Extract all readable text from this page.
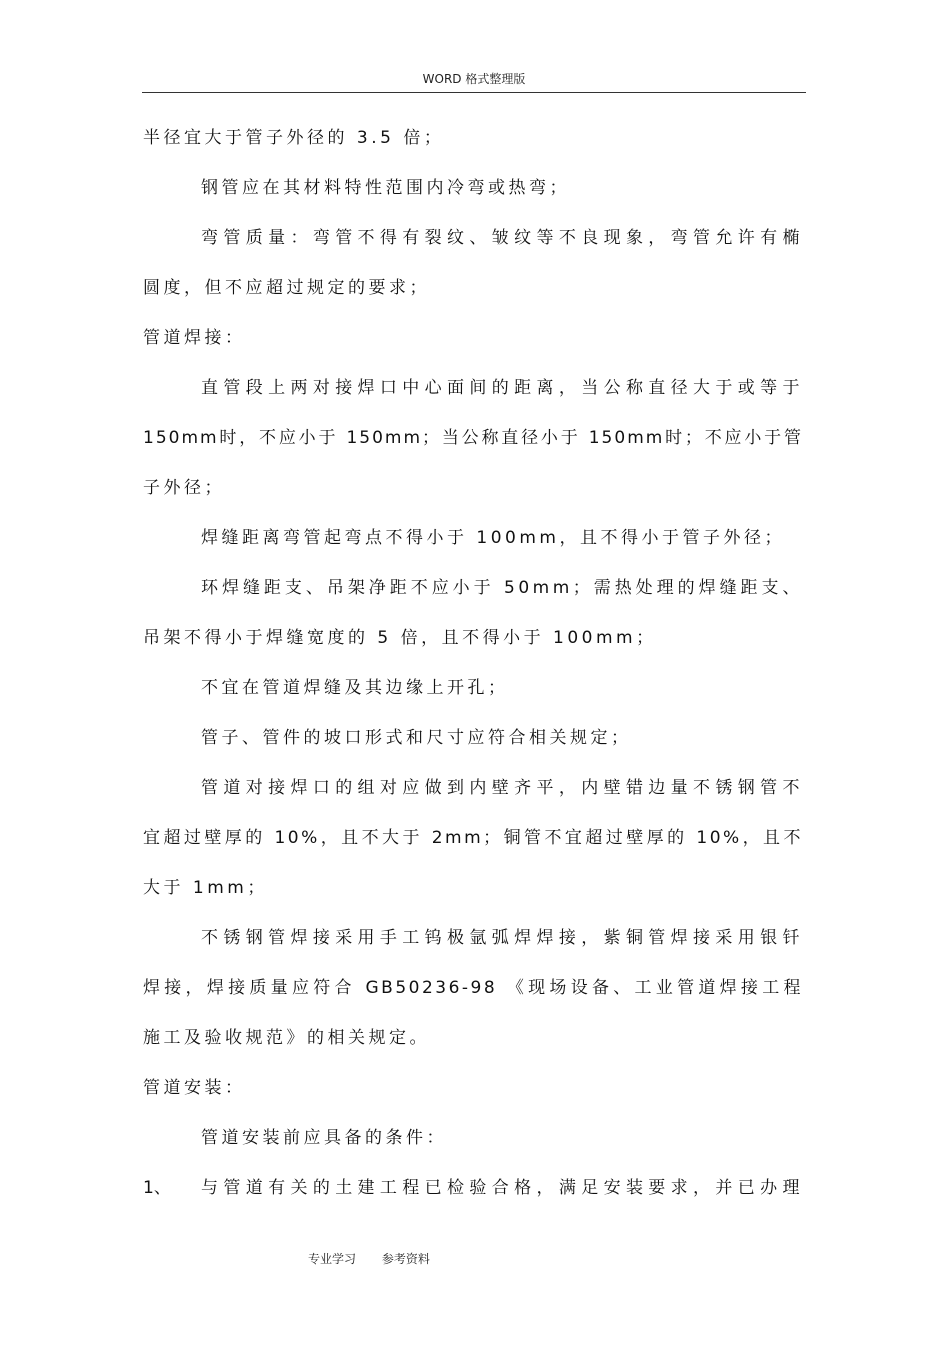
WORD 格式整理版
半径宜大于管子外径的 3.5 倍；
钢管应在其材料特性范围内冷弯或热弯；
弯管质量：弯管不得有裂纹、皱纹等不良现象，弯管允许有椭
圆度，但不应超过规定的要求；
管道焊接：
直管段上两对接焊口中心面间的距离，当公称直径大于或等于
150mm时，不应小于 150mm；当公称直径小于 150mm时；不应小于管
子外径；
焊缝距离弯管起弯点不得小于 100mm，且不得小于管子外径；
环焊缝距支、吊架净距不应小于 50mm；需热处理的焊缝距支、
吊架不得小于焊缝宽度的 5 倍，且不得小于 100mm；
不宜在管道焊缝及其边缘上开孔；
管子、管件的坡口形式和尺寸应符合相关规定；
管道对接焊口的组对应做到内壁齐平，内壁错边量不锈钢管不
宜超过壁厚的 10%，且不大于 2mm；铜管不宜超过壁厚的 10%，且不
大于 1mm；
不锈钢管焊接采用手工钨极氩弧焊焊接，紫铜管焊接采用银钎
焊接，焊接质量应符合 GB50236-98 《现场设备、工业管道焊接工程
施工及验收规范》的相关规定。
管道安装：
管道安装前应具备的条件：
1、 与管道有关的土建工程已检验合格，满足安装要求，并已办理
专业学习 参考资料
